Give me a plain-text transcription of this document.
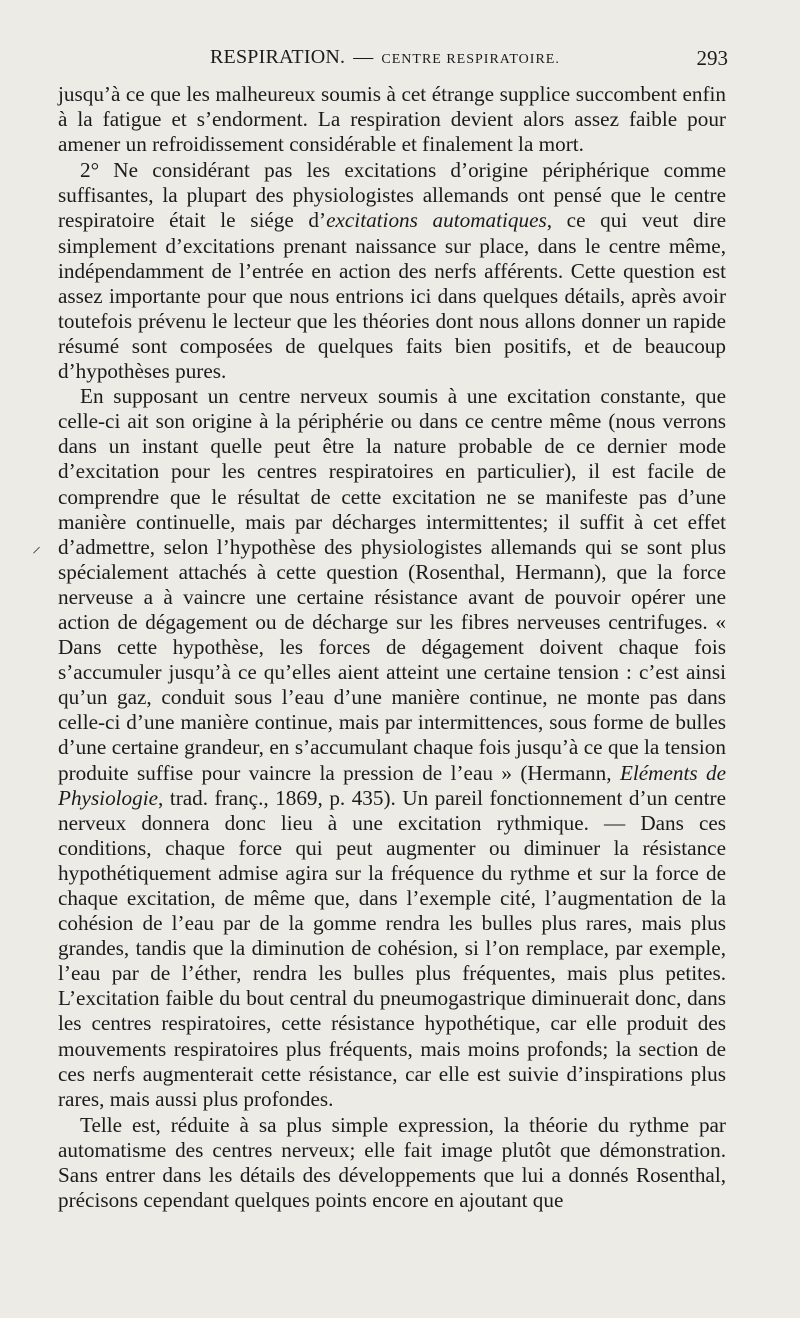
RESPIRATION. — CENTRE RESPIRATOIRE.	293
⸝

jusqu’à ce que les malheureux soumis à cet étrange supplice succombent enfin à la fatigue et s’endorment. La respiration devient alors assez faible pour amener un refroidissement considérable et finalement la mort.

2° Ne considérant pas les excitations d’origine périphérique comme suffisantes, la plupart des physiologistes allemands ont pensé que le centre respiratoire était le siége d’excitations automatiques, ce qui veut dire simplement d’excitations prenant naissance sur place, dans le centre même, indépendamment de l’entrée en action des nerfs afférents. Cette question est assez importante pour que nous entrions ici dans quelques détails, après avoir toutefois prévenu le lecteur que les théories dont nous allons donner un rapide résumé sont composées de quelques faits bien positifs, et de beaucoup d’hypothèses pures.

En supposant un centre nerveux soumis à une excitation constante, que celle-ci ait son origine à la périphérie ou dans ce centre même (nous verrons dans un instant quelle peut être la nature probable de ce dernier mode d’excitation pour les centres respiratoires en particulier), il est facile de comprendre que le résultat de cette excitation ne se manifeste pas d’une manière continuelle, mais par décharges intermittentes; il suffit à cet effet d’admettre, selon l’hypothèse des physiologistes allemands qui se sont plus spécialement attachés à cette question (Rosenthal, Hermann), que la force nerveuse a à vaincre une certaine résistance avant de pouvoir opérer une action de dégagement ou de décharge sur les fibres nerveuses centrifuges. « Dans cette hypothèse, les forces de dégagement doivent chaque fois s’accumuler jusqu’à ce qu’elles aient atteint une certaine tension : c’est ainsi qu’un gaz, conduit sous l’eau d’une manière continue, ne monte pas dans celle-ci d’une manière continue, mais par intermittences, sous forme de bulles d’une certaine grandeur, en s’accumulant chaque fois jusqu’à ce que la tension produite suffise pour vaincre la pression de l’eau » (Hermann, Eléments de Physiologie, trad. franç., 1869, p. 435). Un pareil fonctionnement d’un centre nerveux donnera donc lieu à une excitation rythmique. — Dans ces conditions, chaque force qui peut augmenter ou diminuer la résistance hypothétiquement admise agira sur la fréquence du rythme et sur la force de chaque excitation, de même que, dans l’exemple cité, l’augmentation de la cohésion de l’eau par de la gomme rendra les bulles plus rares, mais plus grandes, tandis que la diminution de cohésion, si l’on remplace, par exemple, l’eau par de l’éther, rendra les bulles plus fréquentes, mais plus petites. L’excitation faible du bout central du pneumogastrique diminuerait donc, dans les centres respiratoires, cette résistance hypothétique, car elle produit des mouvements respiratoires plus fréquents, mais moins profonds; la section de ces nerfs augmenterait cette résistance, car elle est suivie d’inspirations plus rares, mais aussi plus profondes.

Telle est, réduite à sa plus simple expression, la théorie du rythme par automatisme des centres nerveux; elle fait image plutôt que démonstration. Sans entrer dans les détails des développements que lui a donnés Rosenthal, précisons cependant quelques points encore en ajoutant que
